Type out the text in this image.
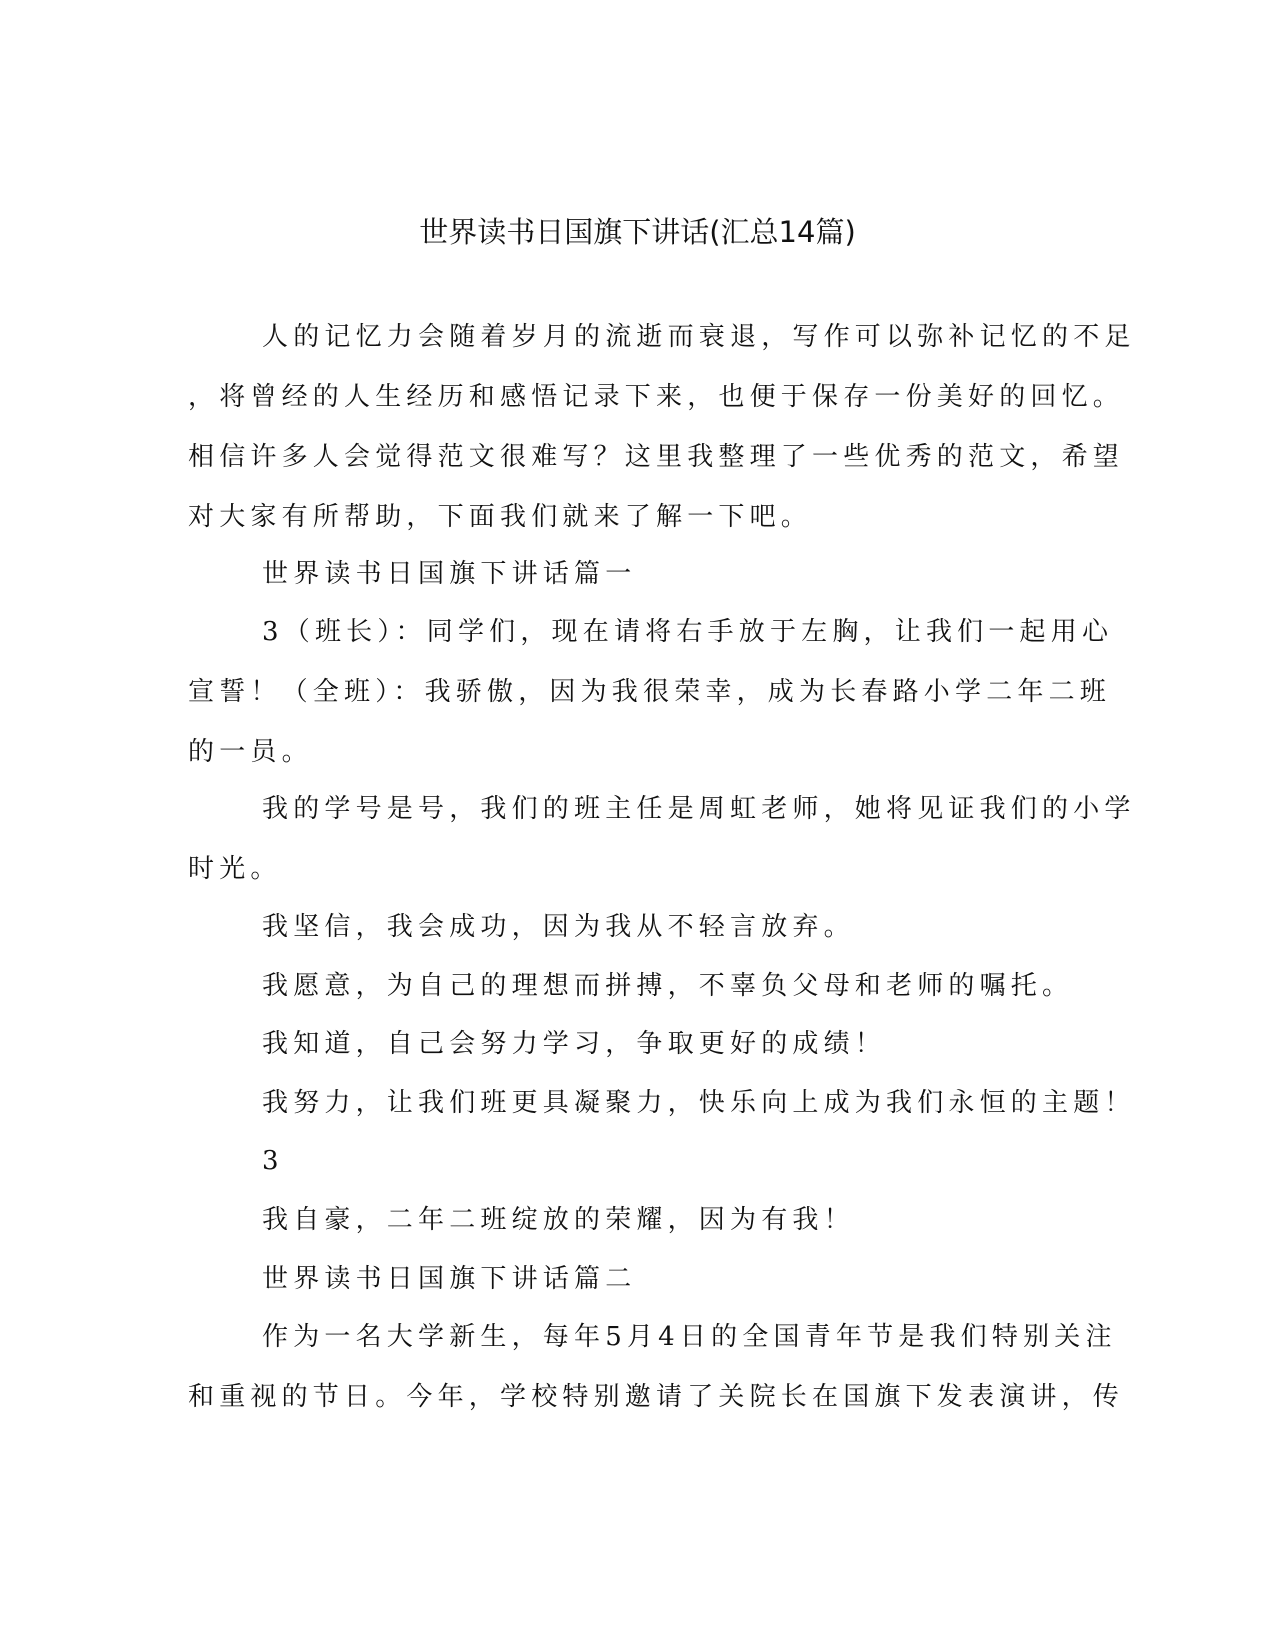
世界读书日国旗下讲话(汇总14篇)
人的记忆力会随着岁月的流逝而衰退，写作可以弥补记忆的不足
，将曾经的人生经历和感悟记录下来，也便于保存一份美好的回忆。
相信许多人会觉得范文很难写？这里我整理了一些优秀的范文，希望
对大家有所帮助，下面我们就来了解一下吧。
世界读书日国旗下讲话篇一
3（班长）：同学们，现在请将右手放于左胸，让我们一起用心
宣誓！（全班）：我骄傲，因为我很荣幸，成为长春路小学二年二班
的一员。
我的学号是号，我们的班主任是周虹老师，她将见证我们的小学
时光。
我坚信，我会成功，因为我从不轻言放弃。
我愿意，为自己的理想而拼搏，不辜负父母和老师的嘱托。
我知道，自己会努力学习，争取更好的成绩！
我努力，让我们班更具凝聚力，快乐向上成为我们永恒的主题！
3
我自豪，二年二班绽放的荣耀，因为有我！
世界读书日国旗下讲话篇二
作为一名大学新生，每年5月4日的全国青年节是我们特别关注
和重视的节日。今年，学校特别邀请了关院长在国旗下发表演讲，传
